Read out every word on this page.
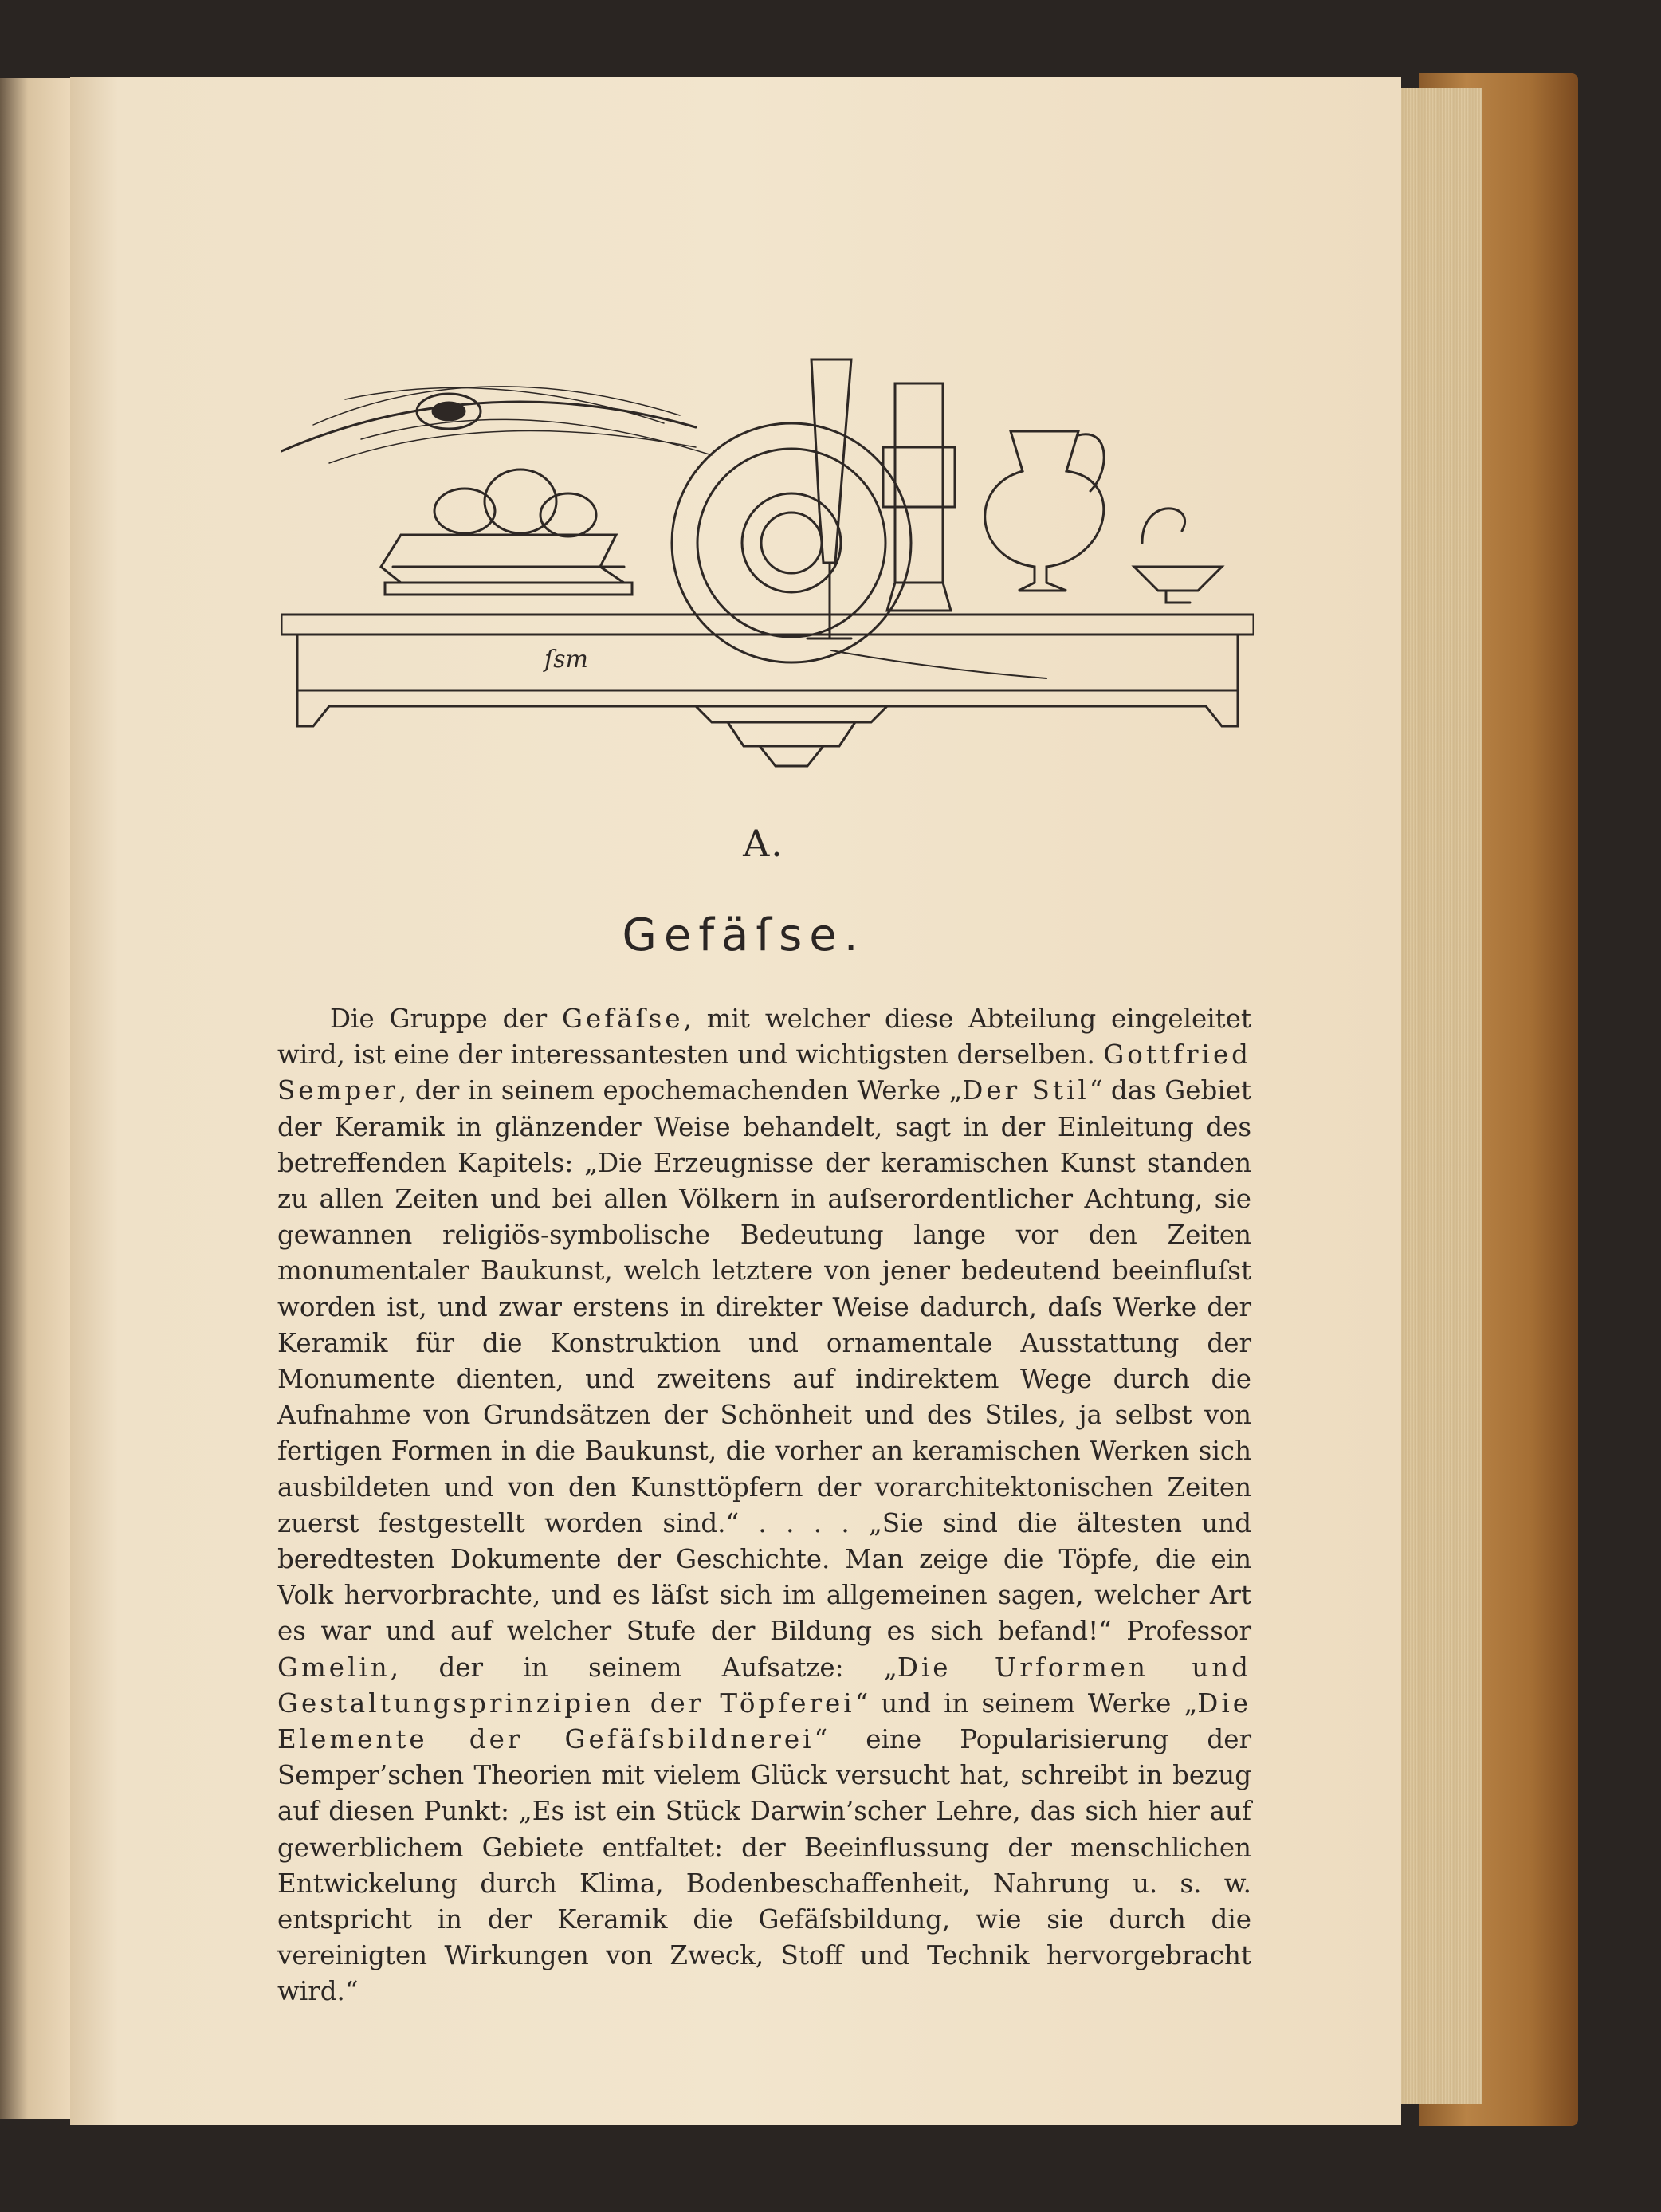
ſsm
A.
Gefäſse.

Die Gruppe der Gefäſse, mit welcher diese Abteilung eingeleitet wird, ist eine der interessantesten und wichtigsten derselben. Gottfried Semper, der in seinem epochemachenden Werke „Der Stil“ das Gebiet der Keramik in glänzender Weise behandelt, sagt in der Einleitung des betreffenden Kapitels: „Die Erzeugnisse der keramischen Kunst standen zu allen Zeiten und bei allen Völkern in auſserordentlicher Achtung, sie gewannen religiös-symbolische Bedeutung lange vor den Zeiten monumentaler Baukunst, welch letztere von jener bedeutend beeinfluſst worden ist, und zwar erstens in direkter Weise dadurch, daſs Werke der Keramik für die Konstruktion und ornamentale Ausstattung der Monumente dienten, und zweitens auf indirektem Wege durch die Aufnahme von Grundsätzen der Schönheit und des Stiles, ja selbst von fertigen Formen in die Baukunst, die vorher an keramischen Werken sich ausbildeten und von den Kunsttöpfern der vorarchitektonischen Zeiten zuerst festgestellt worden sind.“ . . . . „Sie sind die ältesten und beredtesten Dokumente der Geschichte. Man zeige die Töpfe, die ein Volk hervorbrachte, und es läſst sich im allgemeinen sagen, welcher Art es war und auf welcher Stufe der Bildung es sich befand!“ Professor Gmelin, der in seinem Aufsatze: „Die Urformen und Gestaltungsprinzipien der Töpferei“ und in seinem Werke „Die Elemente der Gefäſsbildnerei“ eine Popularisierung der Semper’schen Theorien mit vielem Glück versucht hat, schreibt in bezug auf diesen Punkt: „Es ist ein Stück Darwin’scher Lehre, das sich hier auf gewerblichem Gebiete entfaltet: der Beeinflussung der menschlichen Entwickelung durch Klima, Bodenbeschaffenheit, Nahrung u. s. w. entspricht in der Keramik die Gefäſsbildung, wie sie durch die vereinigten Wirkungen von Zweck, Stoff und Technik hervorgebracht wird.“
